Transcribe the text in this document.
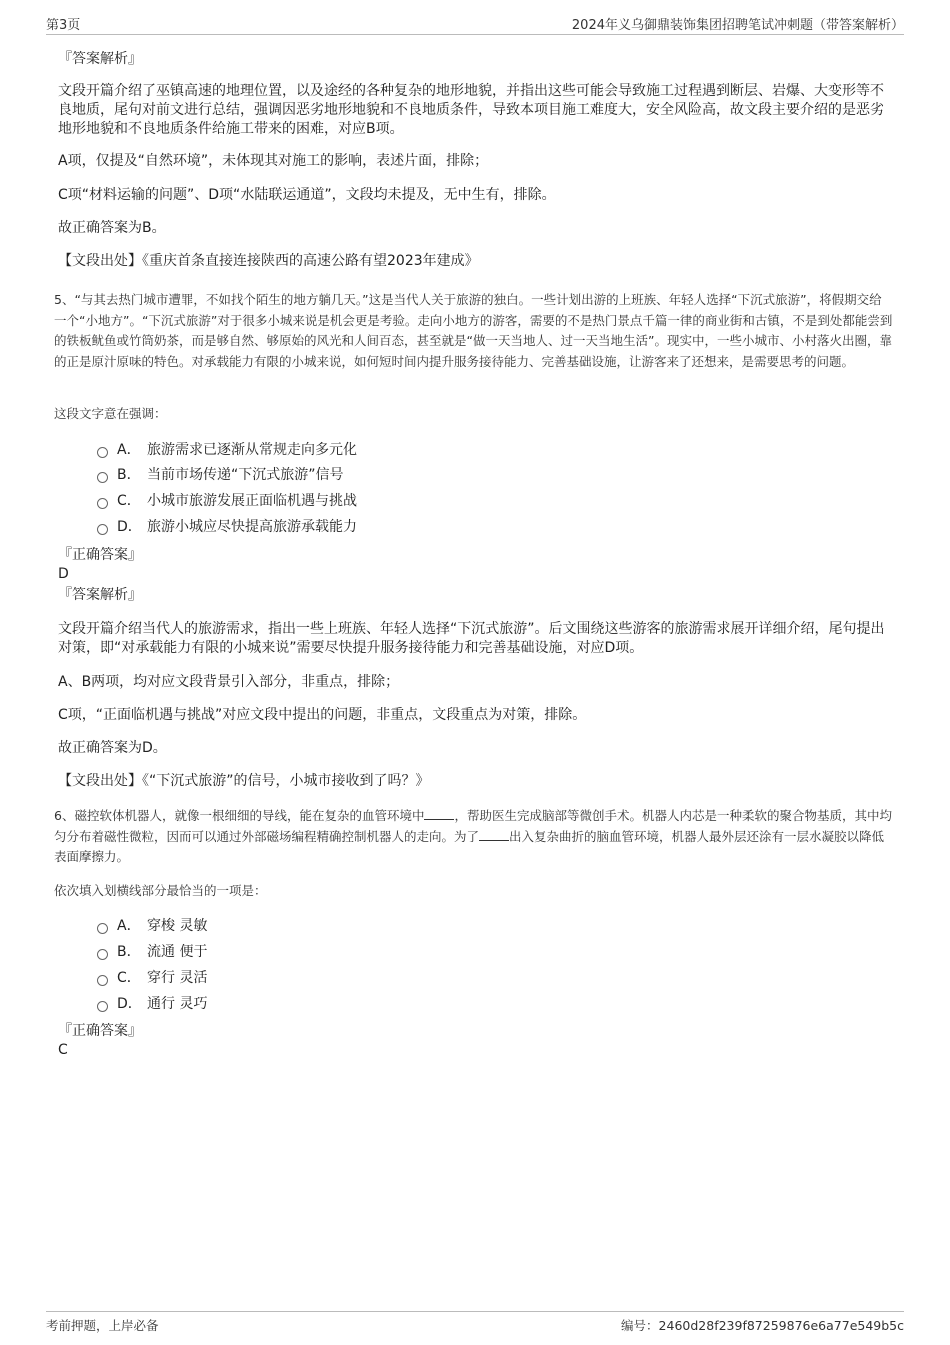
第3页	2024年义乌御鼎装饰集团招聘笔试冲刺题（带答案解析）
『答案解析』
文段开篇介绍了巫镇高速的地理位置，以及途经的各种复杂的地形地貌，并指出这些可能会导致施工过程遇到断层、岩爆、大变形等不良地质，尾句对前文进行总结，强调因恶劣地形地貌和不良地质条件，导致本项目施工难度大，安全风险高，故文段主要介绍的是恶劣地形地貌和不良地质条件给施工带来的困难，对应B项。
A项，仅提及“自然环境”，未体现其对施工的影响，表述片面，排除；
C项“材料运输的问题”、D项“水陆联运通道”，文段均未提及，无中生有，排除。
故正确答案为B。
【文段出处】《重庆首条直接连接陕西的高速公路有望2023年建成》
5、“与其去热门城市遭罪，不如找个陌生的地方躺几天。”这是当代人关于旅游的独白。一些计划出游的上班族、年轻人选择“下沉式旅游”，将假期交给一个“小地方”。“下沉式旅游”对于很多小城来说是机会更是考验。走向小地方的游客，需要的不是热门景点千篇一律的商业街和古镇，不是到处都能尝到的铁板鱿鱼或竹筒奶茶，而是够自然、够原始的风光和人间百态，甚至就是“做一天当地人、过一天当地生活”。现实中，一些小城市、小村落火出圈，靠的正是原汁原味的特色。对承载能力有限的小城来说，如何短时间内提升服务接待能力、完善基础设施，让游客来了还想来，是需要思考的问题。
这段文字意在强调：
A． 旅游需求已逐渐从常规走向多元化
B． 当前市场传递“下沉式旅游”信号
C． 小城市旅游发展正面临机遇与挑战
D． 旅游小城应尽快提高旅游承载能力
『正确答案』
D
『答案解析』
文段开篇介绍当代人的旅游需求，指出一些上班族、年轻人选择“下沉式旅游”。后文围绕这些游客的旅游需求展开详细介绍，尾句提出对策，即“对承载能力有限的小城来说”需要尽快提升服务接待能力和完善基础设施，对应D项。
A、B两项，均对应文段背景引入部分，非重点，排除；
C项，“正面临机遇与挑战”对应文段中提出的问题，非重点，文段重点为对策，排除。
故正确答案为D。
【文段出处】《“下沉式旅游”的信号，小城市接收到了吗？》
6、磁控软体机器人，就像一根细细的导线，能在复杂的血管环境中 ，帮助医生完成脑部等微创手术。机器人内芯是一种柔软的聚合物基质，其中均匀分布着磁性微粒，因而可以通过外部磁场编程精确控制机器人的走向。为了 出入复杂曲折的脑血管环境，机器人最外层还涂有一层水凝胶以降低表面摩擦力。
依次填入划横线部分最恰当的一项是：
A． 穿梭 灵敏
B． 流通 便于
C． 穿行 灵活
D． 通行 灵巧
『正确答案』
C
考前押题，上岸必备	编号：2460d28f239f87259876e6a77e549b5c
